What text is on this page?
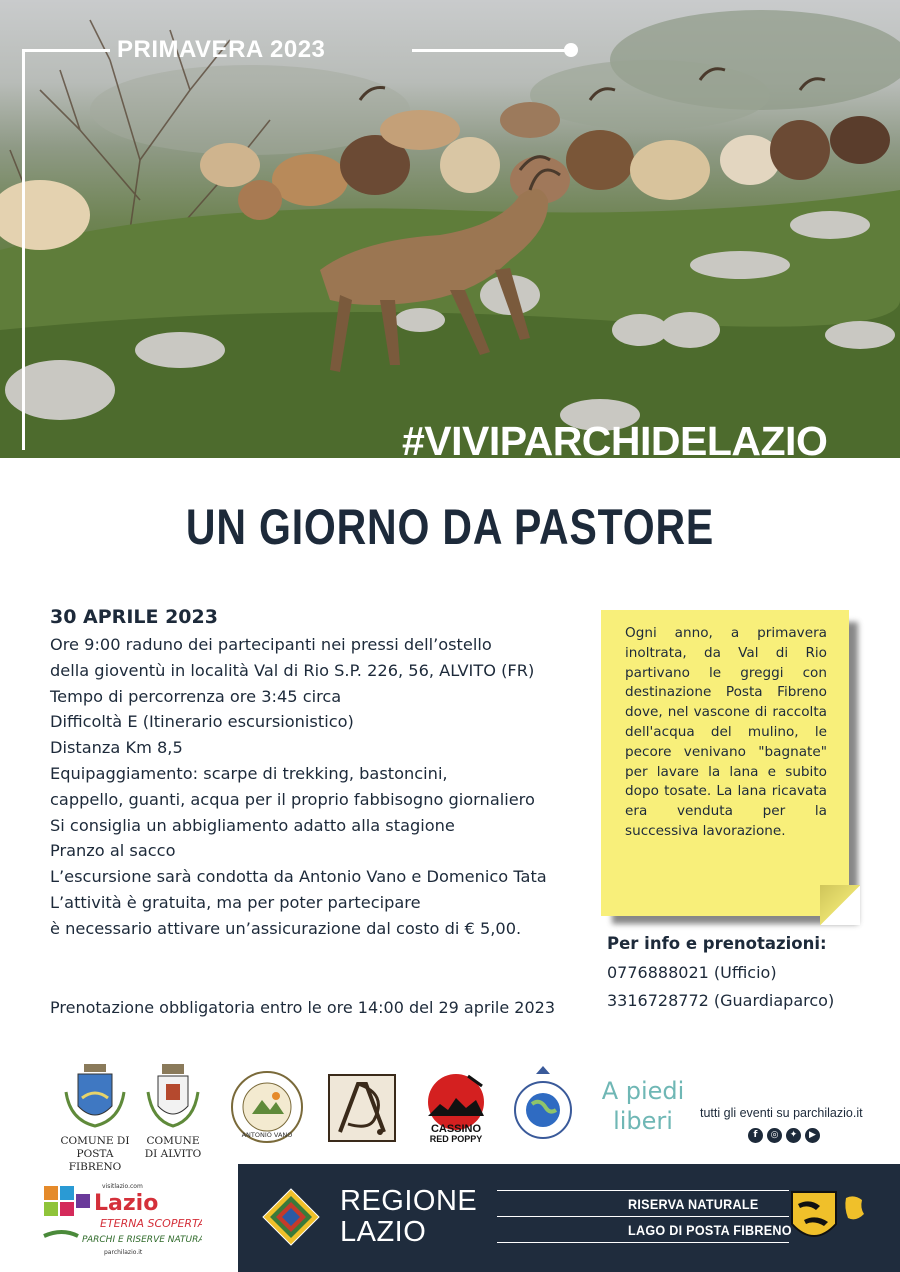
PRIMAVERA 2023
#VIVIPARCHIDELAZIO
UN GIORNO DA PASTORE
30 APRILE 2023
Ore 9:00 raduno dei partecipanti nei pressi dell’ostello
della gioventù in località Val di Rio S.P. 226, 56, ALVITO (FR)
Tempo di percorrenza ore 3:45 circa
Difficoltà E (Itinerario escursionistico)
Distanza Km 8,5
Equipaggiamento: scarpe di trekking, bastoncini,
cappello, guanti, acqua per il proprio fabbisogno giornaliero
Si consiglia un abbigliamento adatto alla stagione
Pranzo al sacco
L’escursione sarà condotta da Antonio Vano e Domenico Tata
L’attività è gratuita, ma per poter partecipare
è necessario attivare un’assicurazione dal costo di € 5,00.
Prenotazione obbligatoria entro le ore 14:00 del 29 aprile 2023

Ogni anno, a primavera inoltrata, da Val di Rio partivano le greggi con destinazione Posta Fibreno dove, nel vascone di raccolta dell'acqua del mulino, le pecore venivano "bagnate" per lavare la lana e subito dopo tosate. La lana ricavata era venduta per la successiva lavorazione.

Per info e prenotazioni:
0776888021 (Ufficio)
3316728772 (Guardiaparco)
COMUNE DI POSTA FIBRENO
COMUNE DI ALVITO
ANTONIO VANO	CASSINO
RED POPPY
A piedi
liberi	tutti gli eventi su parchilazio.it
f	◎	✦	▶
visitlazio.com
Lazio
ETERNA SCOPERTA
PARCHI E RISERVE NATURALI
parchilazio.it
REGIONE
LAZIO
RISERVA NATURALE
LAGO DI POSTA FIBRENO
